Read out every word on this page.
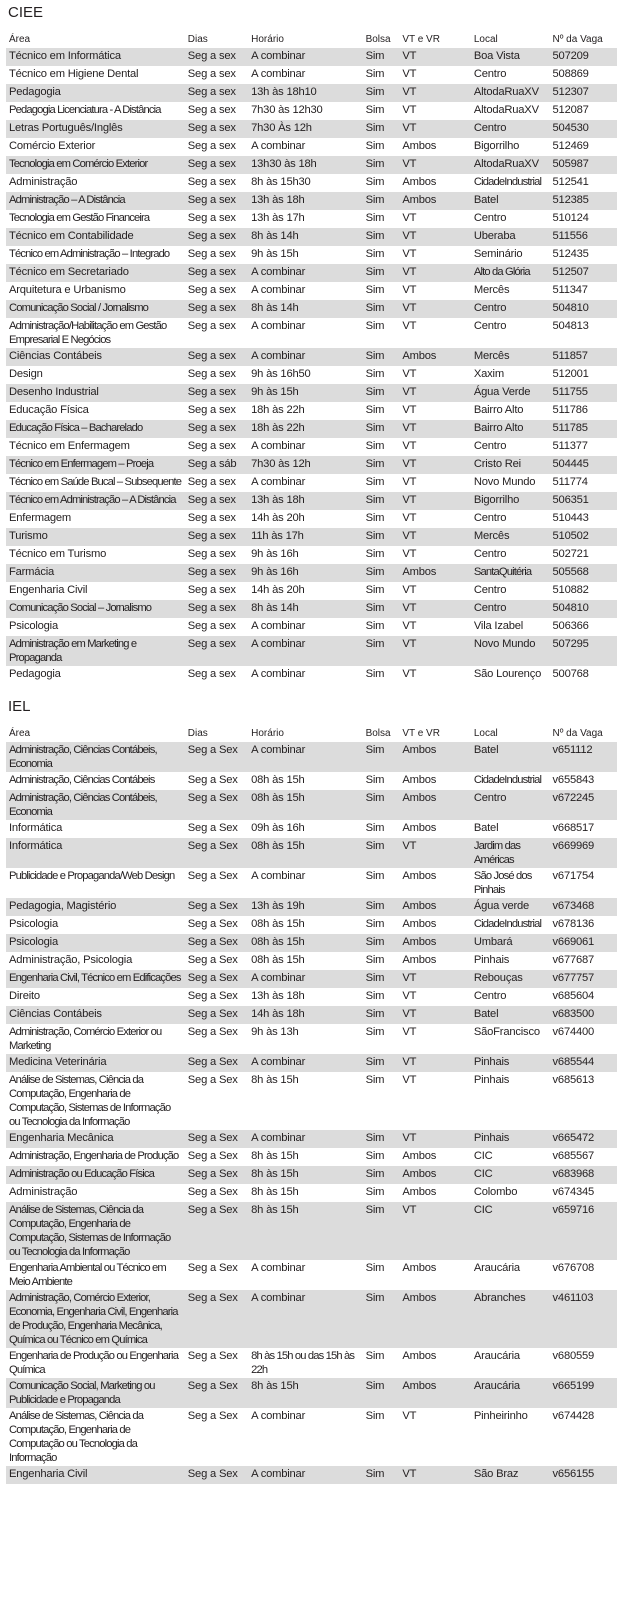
CIEE
Área	Dias	Horário	Bolsa	VT e VR	Local	Nº da Vaga
Técnico em Informática	Seg a sex	A combinar	Sim	VT	Boa Vista	507209
Técnico em Higiene Dental	Seg a sex	A combinar	Sim	VT	Centro	508869
Pedagogia	Seg a sex	13h às 18h10	Sim	VT	AltodaRuaXV	512307
Pedagogia Licenciatura - A Distância	Seg a sex	7h30 às 12h30	Sim	VT	AltodaRuaXV	512087
Letras Português/Inglês	Seg a sex	7h30 Às 12h	Sim	VT	Centro	504530
Comércio Exterior	Seg a sex	A combinar	Sim	Ambos	Bigorrilho	512469
Tecnologia em Comércio Exterior	Seg a sex	13h30 às 18h	Sim	VT	AltodaRuaXV	505987
Administração	Seg a sex	8h às 15h30	Sim	Ambos	CidadeIndustrial	512541
Administração – A Distância	Seg a sex	13h às 18h	Sim	Ambos	Batel	512385
Tecnologia em Gestão Financeira	Seg a sex	13h às 17h	Sim	VT	Centro	510124
Técnico em Contabilidade	Seg a sex	8h às 14h	Sim	VT	Uberaba	511556
Técnico em Administração – Integrado	Seg a sex	9h às 15h	Sim	VT	Seminário	512435
Técnico em Secretariado	Seg a sex	A combinar	Sim	VT	Alto da Glória	512507
Arquitetura e Urbanismo	Seg a sex	A combinar	Sim	VT	Mercês	511347
Comunicação Social / Jornalismo	Seg a sex	8h às 14h	Sim	VT	Centro	504810
Administração/Habilitação em Gestão Empresarial E Negócios	Seg a sex	A combinar	Sim	VT	Centro	504813
Ciências Contábeis	Seg a sex	A combinar	Sim	Ambos	Mercês	511857
Design	Seg a sex	9h às 16h50	Sim	VT	Xaxim	512001
Desenho Industrial	Seg a sex	9h às 15h	Sim	VT	Água Verde	511755
Educação Física	Seg a sex	18h às 22h	Sim	VT	Bairro Alto	511786
Educação Física – Bacharelado	Seg a sex	18h às 22h	Sim	VT	Bairro Alto	511785
Técnico em Enfermagem	Seg a sex	A combinar	Sim	VT	Centro	511377
Técnico em Enfermagem – Proeja	Seg a sáb	7h30 às 12h	Sim	VT	Cristo Rei	504445
Técnico em Saúde Bucal – Subsequente	Seg a sex	A combinar	Sim	VT	Novo Mundo	511774
Técnico em Administração – A Distância	Seg a sex	13h às 18h	Sim	VT	Bigorrilho	506351
Enfermagem	Seg a sex	14h às 20h	Sim	VT	Centro	510443
Turismo	Seg a sex	11h às 17h	Sim	VT	Mercês	510502
Técnico em Turismo	Seg a sex	9h às 16h	Sim	VT	Centro	502721
Farmácia	Seg a sex	9h às 16h	Sim	Ambos	SantaQuitéria	505568
Engenharia Civil	Seg a sex	14h às 20h	Sim	VT	Centro	510882
Comunicação Social – Jornalismo	Seg a sex	8h às 14h	Sim	VT	Centro	504810
Psicologia	Seg a sex	A combinar	Sim	VT	Vila Izabel	506366
Administração em Marketing e Propaganda	Seg a sex	A combinar	Sim	VT	Novo Mundo	507295
Pedagogia	Seg a sex	A combinar	Sim	VT	São Lourenço	500768
IEL
Área	Dias	Horário	Bolsa	VT e VR	Local	Nº da Vaga
Administração, Ciências Contábeis, Economia	Seg a Sex	A combinar	Sim	Ambos	Batel	v651112
Administração, Ciências Contábeis	Seg a Sex	08h às 15h	Sim	Ambos	CidadeIndustrial	v655843
Administração, Ciências Contábeis, Economia	Seg a Sex	08h às 15h	Sim	Ambos	Centro	v672245
Informática	Seg a Sex	09h às 16h	Sim	Ambos	Batel	v668517
Informática	Seg a Sex	08h às 15h	Sim	VT	Jardim das Américas	v669969
Publicidade e Propaganda/Web Design	Seg a Sex	A combinar	Sim	Ambos	São José dos Pinhais	v671754
Pedagogia, Magistério	Seg a Sex	13h às 19h	Sim	Ambos	Água verde	v673468
Psicologia	Seg a Sex	08h às 15h	Sim	Ambos	CidadeIndustrial	v678136
Psicologia	Seg a Sex	08h às 15h	Sim	Ambos	Umbará	v669061
Administração, Psicologia	Seg a Sex	08h às 15h	Sim	Ambos	Pinhais	v677687
Engenharia Civil, Técnico em Edificações	Seg a Sex	A combinar	Sim	VT	Rebouças	v677757
Direito	Seg a Sex	13h às 18h	Sim	VT	Centro	v685604
Ciências Contábeis	Seg a Sex	14h às 18h	Sim	VT	Batel	v683500
Administração, Comércio Exterior ou Marketing	Seg a Sex	9h às 13h	Sim	VT	SãoFrancisco	v674400
Medicina Veterinária	Seg a Sex	A combinar	Sim	VT	Pinhais	v685544
Análise de Sistemas, Ciência da Computação, Engenharia de Computação, Sistemas de Informação ou Tecnologia da Informação	Seg a Sex	8h às 15h	Sim	VT	Pinhais	v685613
Engenharia Mecânica	Seg a Sex	A combinar	Sim	VT	Pinhais	v665472
Administração, Engenharia de Produção	Seg a Sex	8h às 15h	Sim	Ambos	CIC	v685567
Administração ou Educação Física	Seg a Sex	8h às 15h	Sim	Ambos	CIC	v683968
Administração	Seg a Sex	8h às 15h	Sim	Ambos	Colombo	v674345
Análise de Sistemas, Ciência da Computação, Engenharia de Computação, Sistemas de Informação ou Tecnologia da Informação	Seg a Sex	8h às 15h	Sim	VT	CIC	v659716
Engenharia Ambiental ou Técnico em Meio Ambiente	Seg a Sex	A combinar	Sim	Ambos	Araucária	v676708
Administração, Comércio Exterior, Economia, Engenharia Civil, Engenharia de Produção, Engenharia Mecânica, Química ou Técnico em Química	Seg a Sex	A combinar	Sim	Ambos	Abranches	v461103
Engenharia de Produção ou Engenharia Química	Seg a Sex	8h às 15h ou das 15h às 22h	Sim	Ambos	Araucária	v680559
Comunicação Social, Marketing ou Publicidade e Propaganda	Seg a Sex	8h às 15h	Sim	Ambos	Araucária	v665199
Análise de Sistemas, Ciência da Computação, Engenharia de Computação ou Tecnologia da Informação	Seg a Sex	A combinar	Sim	VT	Pinheirinho	v674428
Engenharia Civil	Seg a Sex	A combinar	Sim	VT	São Braz	v656155
